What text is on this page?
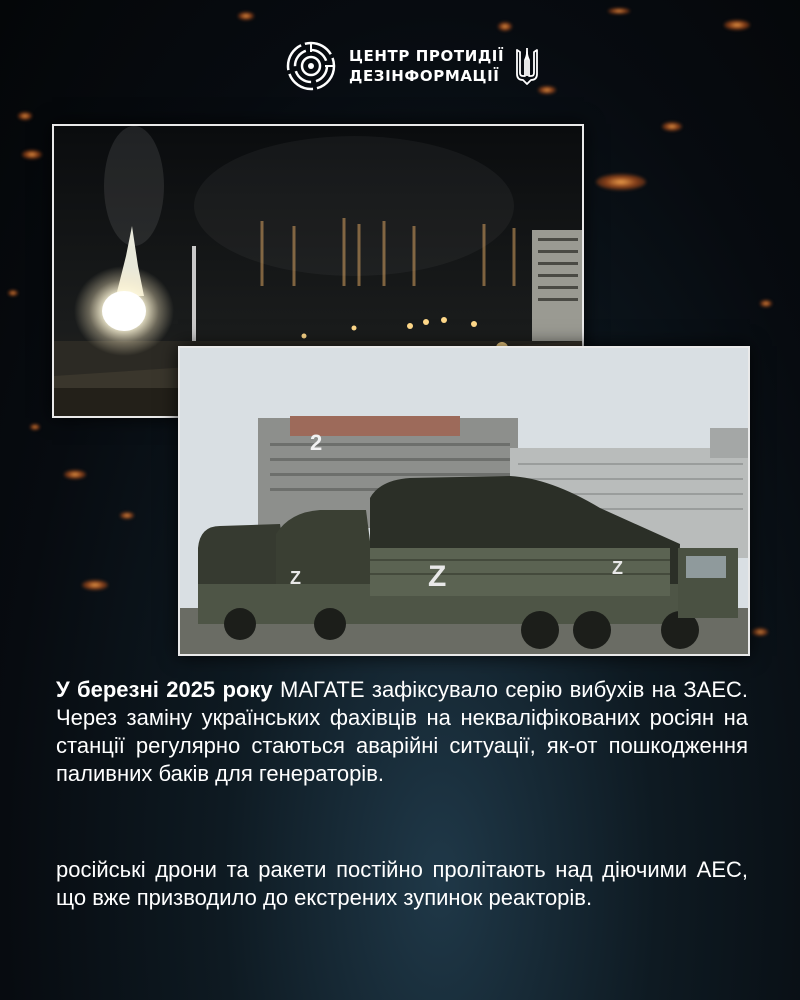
ЦЕНТР ПРОТИДІЇ
ДЕЗІНФОРМАЦІЇ
2
Z	Z
Z

У березні 2025 року МАГАТЕ зафіксувало серію вибухів на ЗАЕС. Через заміну українських фахівців на некваліфікованих росіян на станції регулярно стаються аварійні ситуації, як-от пошкодження паливних баків для генераторів.

російські дрони та ракети постійно пролітають над діючими АЕС, що вже призводило до екстрених зупинок реакторів.
